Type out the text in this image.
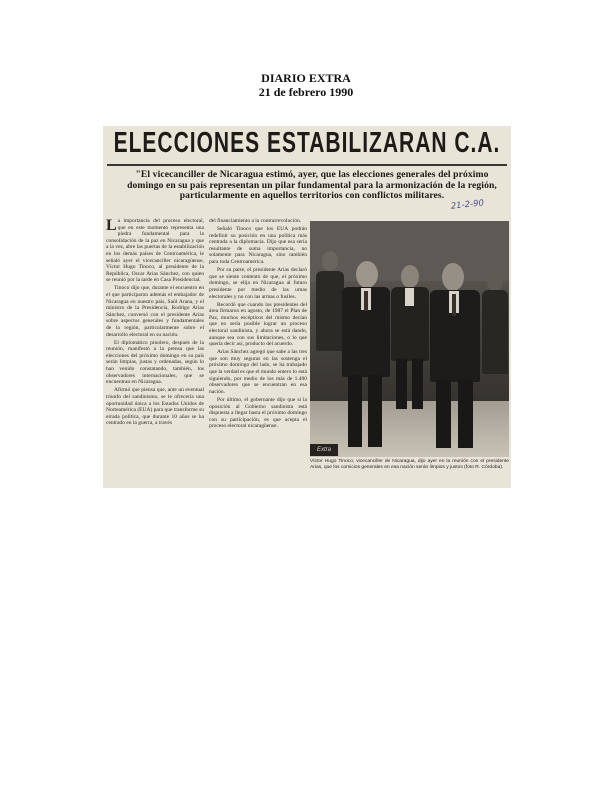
DIARIO EXTRA
21 de febrero 1990
ELECCIONES ESTABILIZARAN C.A.
"El vicecanciller de Nicaragua estimó, ayer, que las elecciones generales del próximo domingo en su país representan un pilar fundamental para la armonización de la región, particularmente en aquellos territorios con conflictos militares.
21-2-90

La importancia del proceso electoral, que en este momento representa una piedra fundamental para la consolidación de la paz en Nicaragua y que a la vez, abre las puertas de la estabilización en los demás países de Centroamérica, le señaló ayer el vicecanciller nicaragüense, Víctor Hugo Tinoco, al presidente de la República, Oscar Arias Sánchez, con quien se reunió por la tarde en Casa Presidencial.

Tinoco dijo que, durante el encuentro en el que participaron además el embajador de Nicaragua en nuestro país, Saúl Arana, y el ministro de la Presidencia, Rodrigo Arias Sánchez, conversó con el presidente Arias sobre aspectos generales y fundamentales de la región, particularmente sobre el desarrollo electoral en su nación.

El diplomático pinolero, después de la reunión, manifestó a la prensa que las elecciones del próximo domingo en su país serán limpias, justas y ordenadas, según lo han venido constatando, también, los observadores internacionales, que se encuentran en Nicaragua.

Afirmó que piensa que, ante un eventual triunfo del sandinismo, se le ofrecería una oportunidad única a los Estados Unidos de Norteamérica (EUA) para que transforme su errada política, que durante 10 años se ha centrado en la guerra, a través

del financiamiento a la contrarrevolución.

Señaló Tinoco que los EUA podrán redefinir su posición en una política más centrada a la diplomacia. Dijo que esa sería resultante de suma importancia, no solamente para Nicaragua, sino también para toda Centroamérica.

Por su parte, el presidente Arias declaró que se siente contento de que, el próximo domingo, se elija en Nicaragua al futuro presidente por medio de las urnas electorales y no con las armas o fusiles.

Recordó que cuando los presidentes del área firmaron en agosto, de 1987 el Plan de Paz, muchos escépticos del mismo decían que no sería posible lograr un proceso electoral sandinista, y ahora se está dando, aunque sea con sus limitaciones, o lo que quería decir así, producto del acuerdo.

Arias Sánchez agregó que sabe a las tres que son muy seguras en las sostenga el próximo domingo del lado, se ha trabajado que la verdad es que el mundo entero lo está siguiendo, por medio de los más de 1.400 observadores que se encuentran en esa nación.

Por último, el gobernante dijo que si la oposición al Gobierno sandinista está dispuesta a llegar hasta el próximo domingo con su participación, es que acepta el proceso electoral nicaragüense.

Extra
Víctor Hugo Tinoco, vicecanciller de Nicaragua, dijo ayer en la reunión con el presidente Arias, que los comicios generales en esa nación serán limpios y justos (foto R. Córdoba).
